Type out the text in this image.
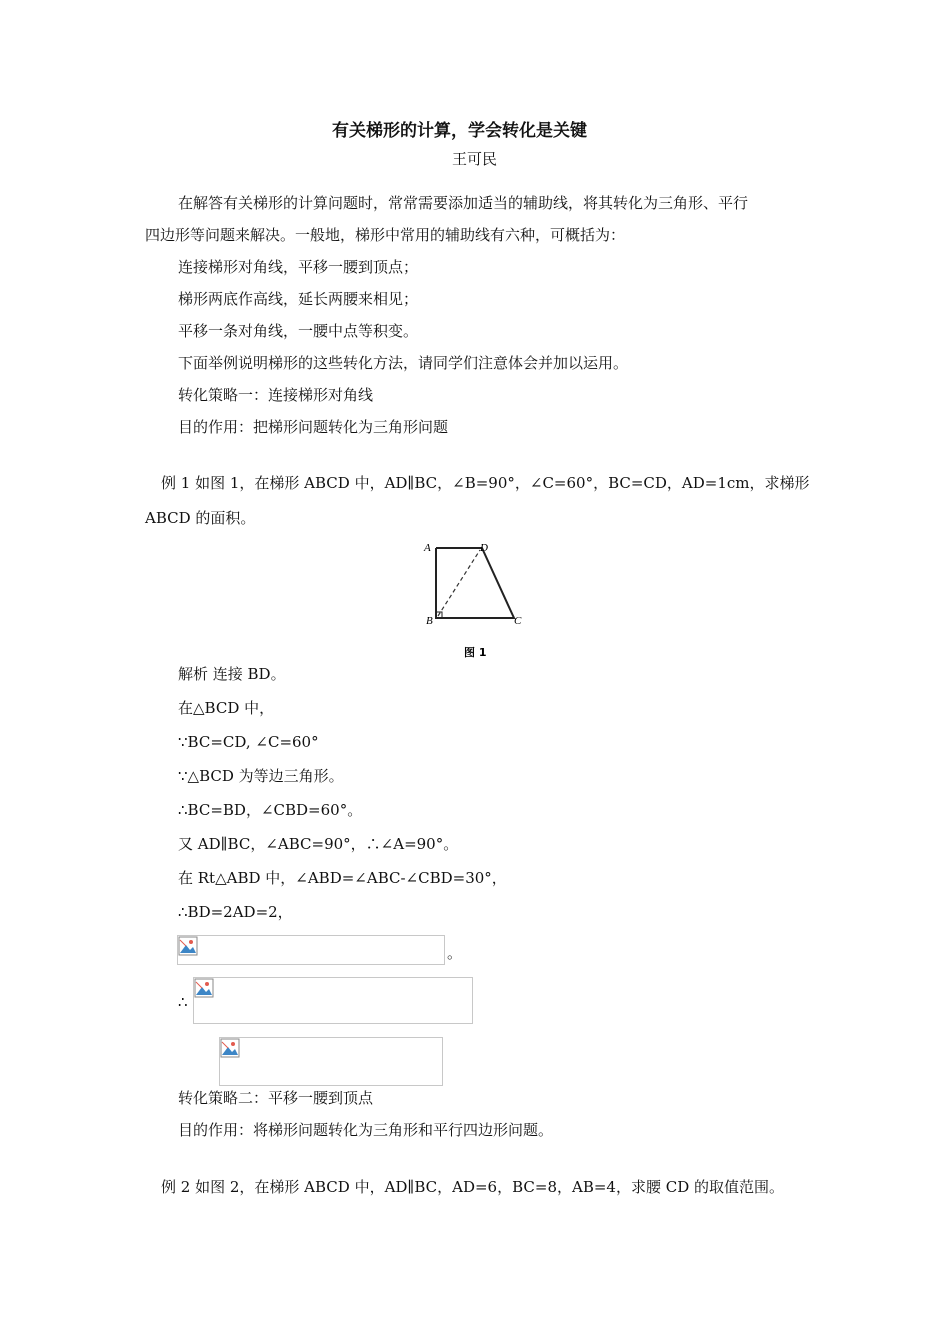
有关梯形的计算，学会转化是关键
王可民
在解答有关梯形的计算问题时，常常需要添加适当的辅助线，将其转化为三角形、平行
四边形等问题来解决。一般地，梯形中常用的辅助线有六种，可概括为：
连接梯形对角线，平移一腰到顶点；
梯形两底作高线，延长两腰来相见；
平移一条对角线，一腰中点等积变。
下面举例说明梯形的这些转化方法，请同学们注意体会并加以运用。
转化策略一：连接梯形对角线
目的作用：把梯形问题转化为三角形问题
例 1 如图 1，在梯形 ABCD 中，AD∥BC，∠B=90°，∠C=60°，BC=CD，AD=1cm，求梯形
ABCD 的面积。
A	D
B	C
图 1
解析 连接 BD。
在△BCD 中，
∵BC=CD, ∠C=60°
∵△BCD 为等边三角形。
∴BC=BD，∠CBD=60°。
又 AD∥BC，∠ABC=90°，∴∠A=90°。
在 Rt△ABD 中，∠ABD=∠ABC-∠CBD=30°，
∴BD=2AD=2，
。
∴
转化策略二：平移一腰到顶点
目的作用：将梯形问题转化为三角形和平行四边形问题。
例 2 如图 2，在梯形 ABCD 中，AD∥BC，AD=6，BC=8，AB=4，求腰 CD 的取值范围。
